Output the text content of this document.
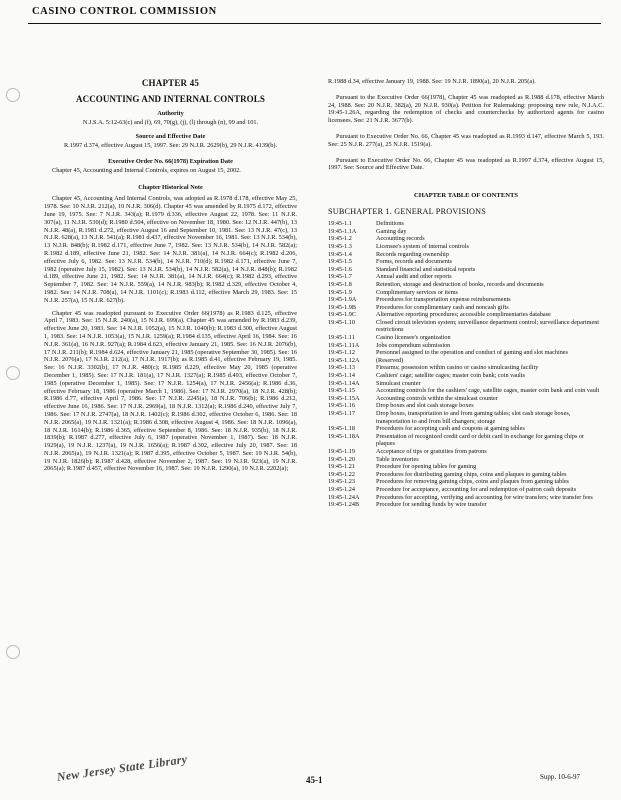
CASINO CONTROL COMMISSION
CHAPTER 45
ACCOUNTING AND INTERNAL CONTROLS
Authority
N.J.S.A. 5:12-63(c) and (f), 69, 70(g), (j), (l) through (n), 99 and 101.
Source and Effective Date
R.1997 d.374, effective August 15, 1997. See: 29 N.J.R. 2629(b), 29 N.J.R. 4139(b).
Executive Order No. 66(1978) Expiration Date

Chapter 45, Accounting and Internal Controls, expires on August 15, 2002.

Chapter Historical Note

Chapter 45, Accounting And Internal Controls, was adopted as R.1978 d.178, effective May 25, 1978. See: 10 N.J.R. 212(a), 10 N.J.R. 306(d). Chapter 45 was amended by R.1975 d.172, effective June 19, 1975. See: 7 N.J.R. 343(a); R.1979 d.336, effective August 22, 1978. See: 11 N.J.R. 307(a), 11 N.J.R. 530(d); R.1980 d.504, effective on November 18, 1980. See: 12 N.J.R. 447(b), 13 N.J.R. 48(a), R.1981 d.272, effective August 16 and September 10, 1981. See: 13 N.J.R. 47(c), 13 N.J.R. 628(a), 13 N.J.R. 541(a); R.1981 d.437, effective November 16, 1981. See: 13 N.J.R. 534(b), 13 N.J.R. 848(b); R.1982 d.171, effective June 7, 1982. See: 13 N.J.R. 534(b), 14 N.J.R. 582(a); R.1982 d.189, effective June 21, 1982. See: 14 N.J.R. 381(a), 14 N.J.R. 664(c); R.1982 d.206, effective July 6, 1982. See: 13 N.J.R. 534(b), 14 N.J.R. 710(d); R.1982 d.171, effective June 7, 1982 (operative July 15, 1982). See: 13 N.J.R. 534(b), 14 N.J.R. 582(a), 14 N.J.R. 848(b); R.1982 d.189, effective June 21, 1982. See: 14 N.J.R. 381(a), 14 N.J.R. 664(c); R.1982 d.293, effective September 7, 1982. See: 14 N.J.R. 559(a), 14 N.J.R. 983(b); R.1982 d.329, effective October 4, 1982. See: 14 N.J.R. 708(a), 14 N.J.R. 1101(c); R.1983 d.112, effective March 29, 1983. See: 15 N.J.R. 257(a), 15 N.J.R. 627(b).

Chapter 45 was readopted pursuant to Executive Order 66(1978) as R.1983 d.125, effective April 7, 1983. See: 15 N.J.R. 240(a), 15 N.J.R. 699(a). Chapter 45 was amended by R.1983 d.239, effective June 20, 1983. See: 14 N.J.R. 1052(a), 15 N.J.R. 1040(b); R.1983 d.300, effective August 1, 1983. See: 14 N.J.R. 1053(a), 15 N.J.R. 1259(a); R.1984 d.135, effective April 16, 1984. See: 16 N.J.R. 361(a), 16 N.J.R. 927(a); R.1984 d.623, effective January 21, 1985. See: 16 N.J.R. 2076(b), 17 N.J.R. 211(b); R.1984 d.624, effective January 21, 1985 (operative September 30, 1985). See: 16 N.J.R. 2076(a), 17 N.J.R. 212(a), 17 N.J.R. 1917(b); as R.1985 d.41, effective February 19, 1985. See: 16 N.J.R. 3302(b), 17 N.J.R. 480(c); R.1985 d.229, effective May 20, 1985 (operative December 1, 1985). See: 17 N.J.R. 181(a), 17 N.J.R. 1327(a); R.1985 d.493, effective October 7, 1985 (operative December 1, 1985). See: 17 N.J.R. 1254(a), 17 N.J.R. 2456(a); R.1986 d.36, effective February 18, 1986 (operative March 1, 1986). See: 17 N.J.R. 2970(a), 18 N.J.R. 428(b); R.1986 d.77, effective April 7, 1986. See: 17 N.J.R. 2245(a), 18 N.J.R. 706(b); R.1986 d.212, effective June 16, 1986. See: 17 N.J.R. 2969(a), 18 N.J.R. 1312(a); R.1986 d.240, effective July 7, 1986. See: 17 N.J.R. 2747(a), 18 N.J.R. 1402(c); R.1986 d.302, effective October 6, 1986. See: 18 N.J.R. 2065(a), 19 N.J.R. 1321(a); R.1986 d.308, effective August 4, 1986. See: 18 N.J.R. 1096(a), 18 N.J.R. 1614(b); R.1986 d.365, effective September 8, 1986. See: 18 N.J.R. 935(b), 18 N.J.R. 1839(b); R.1987 d.277, effective July 6, 1987 (operative November 1, 1987). See: 18 N.J.R. 1929(a), 19 N.J.R. 1237(a), 19 N.J.R. 1656(a); R.1987 d.302, effective July 20, 1987. See: 18 N.J.R. 2065(a), 19 N.J.R. 1321(a); R.1987 d.395, effective October 5, 1987. See: 19 N.J.R. 54(b), 19 N.J.R. 1826(b); R.1987 d.428, effective November 2, 1987. See: 19 N.J.R. 923(a), 19 N.J.R. 2065(a); R.1987 d.457, effective November 16, 1987. See: 19 N.J.R. 1290(a), 19 N.J.R. 2202(a);

R.1988 d.34, effective January 19, 1988. See: 19 N.J.R. 1890(a), 20 N.J.R. 205(a).

Pursuant to the Executive Order 66(1978), Chapter 45 was readopted as R.1988 d.178, effective March 24, 1988. See: 20 N.J.R. 382(a), 20 N.J.R. 930(a). Petition for Rulemaking: proposing new rule, N.J.A.C. 19:45-1.26A, regarding the redemption of checks and counterchecks by authorized agents for casino licensees. See: 21 N.J.R. 3677(b).

Pursuant to Executive Order No. 66, Chapter 45 was readopted as R.1993 d.147, effective March 5, 193. See: 25 N.J.R. 277(a), 25 N.J.R. 1519(a).

Pursuant to Executive Order No. 66, Chapter 45 was readopted as R.1997 d.374, effective August 15, 1997. See: Source and Effective Date.

CHAPTER TABLE OF CONTENTS
SUBCHAPTER 1. GENERAL PROVISIONS
19:45-1.1	Definitions
19:45-1.1A	Gaming day
19:45-1.2	Accounting records
19:45-1.3	Licensee's system of internal controls
19:45-1.4	Records regarding ownership
19:45-1.5	Forms, records and documents
19:45-1.6	Standard financial and statistical reports
19:45-1.7	Annual audit and other reports
19:45-1.8	Retention, storage and destruction of books, records and documents
19:45-1.9	Complimentary services or items
19:45-1.9A	Procedures for transportation expense reimbursements
19:45-1.9B	Procedures for complimentary cash and noncash gifts
19:45-1.9C	Alternative reporting procedures; accessible complimentaries database
19:45-1.10	Closed circuit television system; surveillance department control; surveillance department restrictions
19:45-1.11	Casino licensee's organization
19:45-1.11A	Jobs compendium submission
19:45-1.12	Personnel assigned to the operation and conduct of gaming and slot machines
19:45-1.12A	(Reserved)
19:45-1.13	Firearms; possession within casino or casino simulcasting facility
19:45-1.14	Cashiers' cage; satellite cages; master coin bank; coin vaults
19:45-1.14A	Simulcast counter
19:45-1.15	Accounting controls for the cashiers' cage, satellite cages, master coin bank and coin vault
19:45-1.15A	Accounting controls within the simulcast counter
19:45-1.16	Drop boxes and slot cash storage boxes
19:45-1.17	Drop boxes, transportation to and from gaming tables; slot cash storage boxes, transportation to and from bill changers; storage
19:45-1.18	Procedures for accepting cash and coupons at gaming tables
19:45-1.18A	Presentation of recognized credit card or debit card in exchange for gaming chips or plaques
19:45-1.19	Acceptance of tips or gratuities from patrons
19:45-1.20	Table inventories
19:45-1.21	Procedure for opening tables for gaming
19:45-1.22	Procedures for distributing gaming chips, coins and plaques to gaming tables
19:45-1.23	Procedures for removing gaming chips, coins and plaques from gaming tables
19:45-1.24	Procedure for acceptance, accounting for and redemption of patron cash deposits
19:45-1.24A	Procedures for accepting, verifying and accounting for wire transfers; wire transfer fees
19:45-1.24B	Procedure for sending funds by wire transfer
New Jersey State Library	45-1	Supp. 10-6-97
